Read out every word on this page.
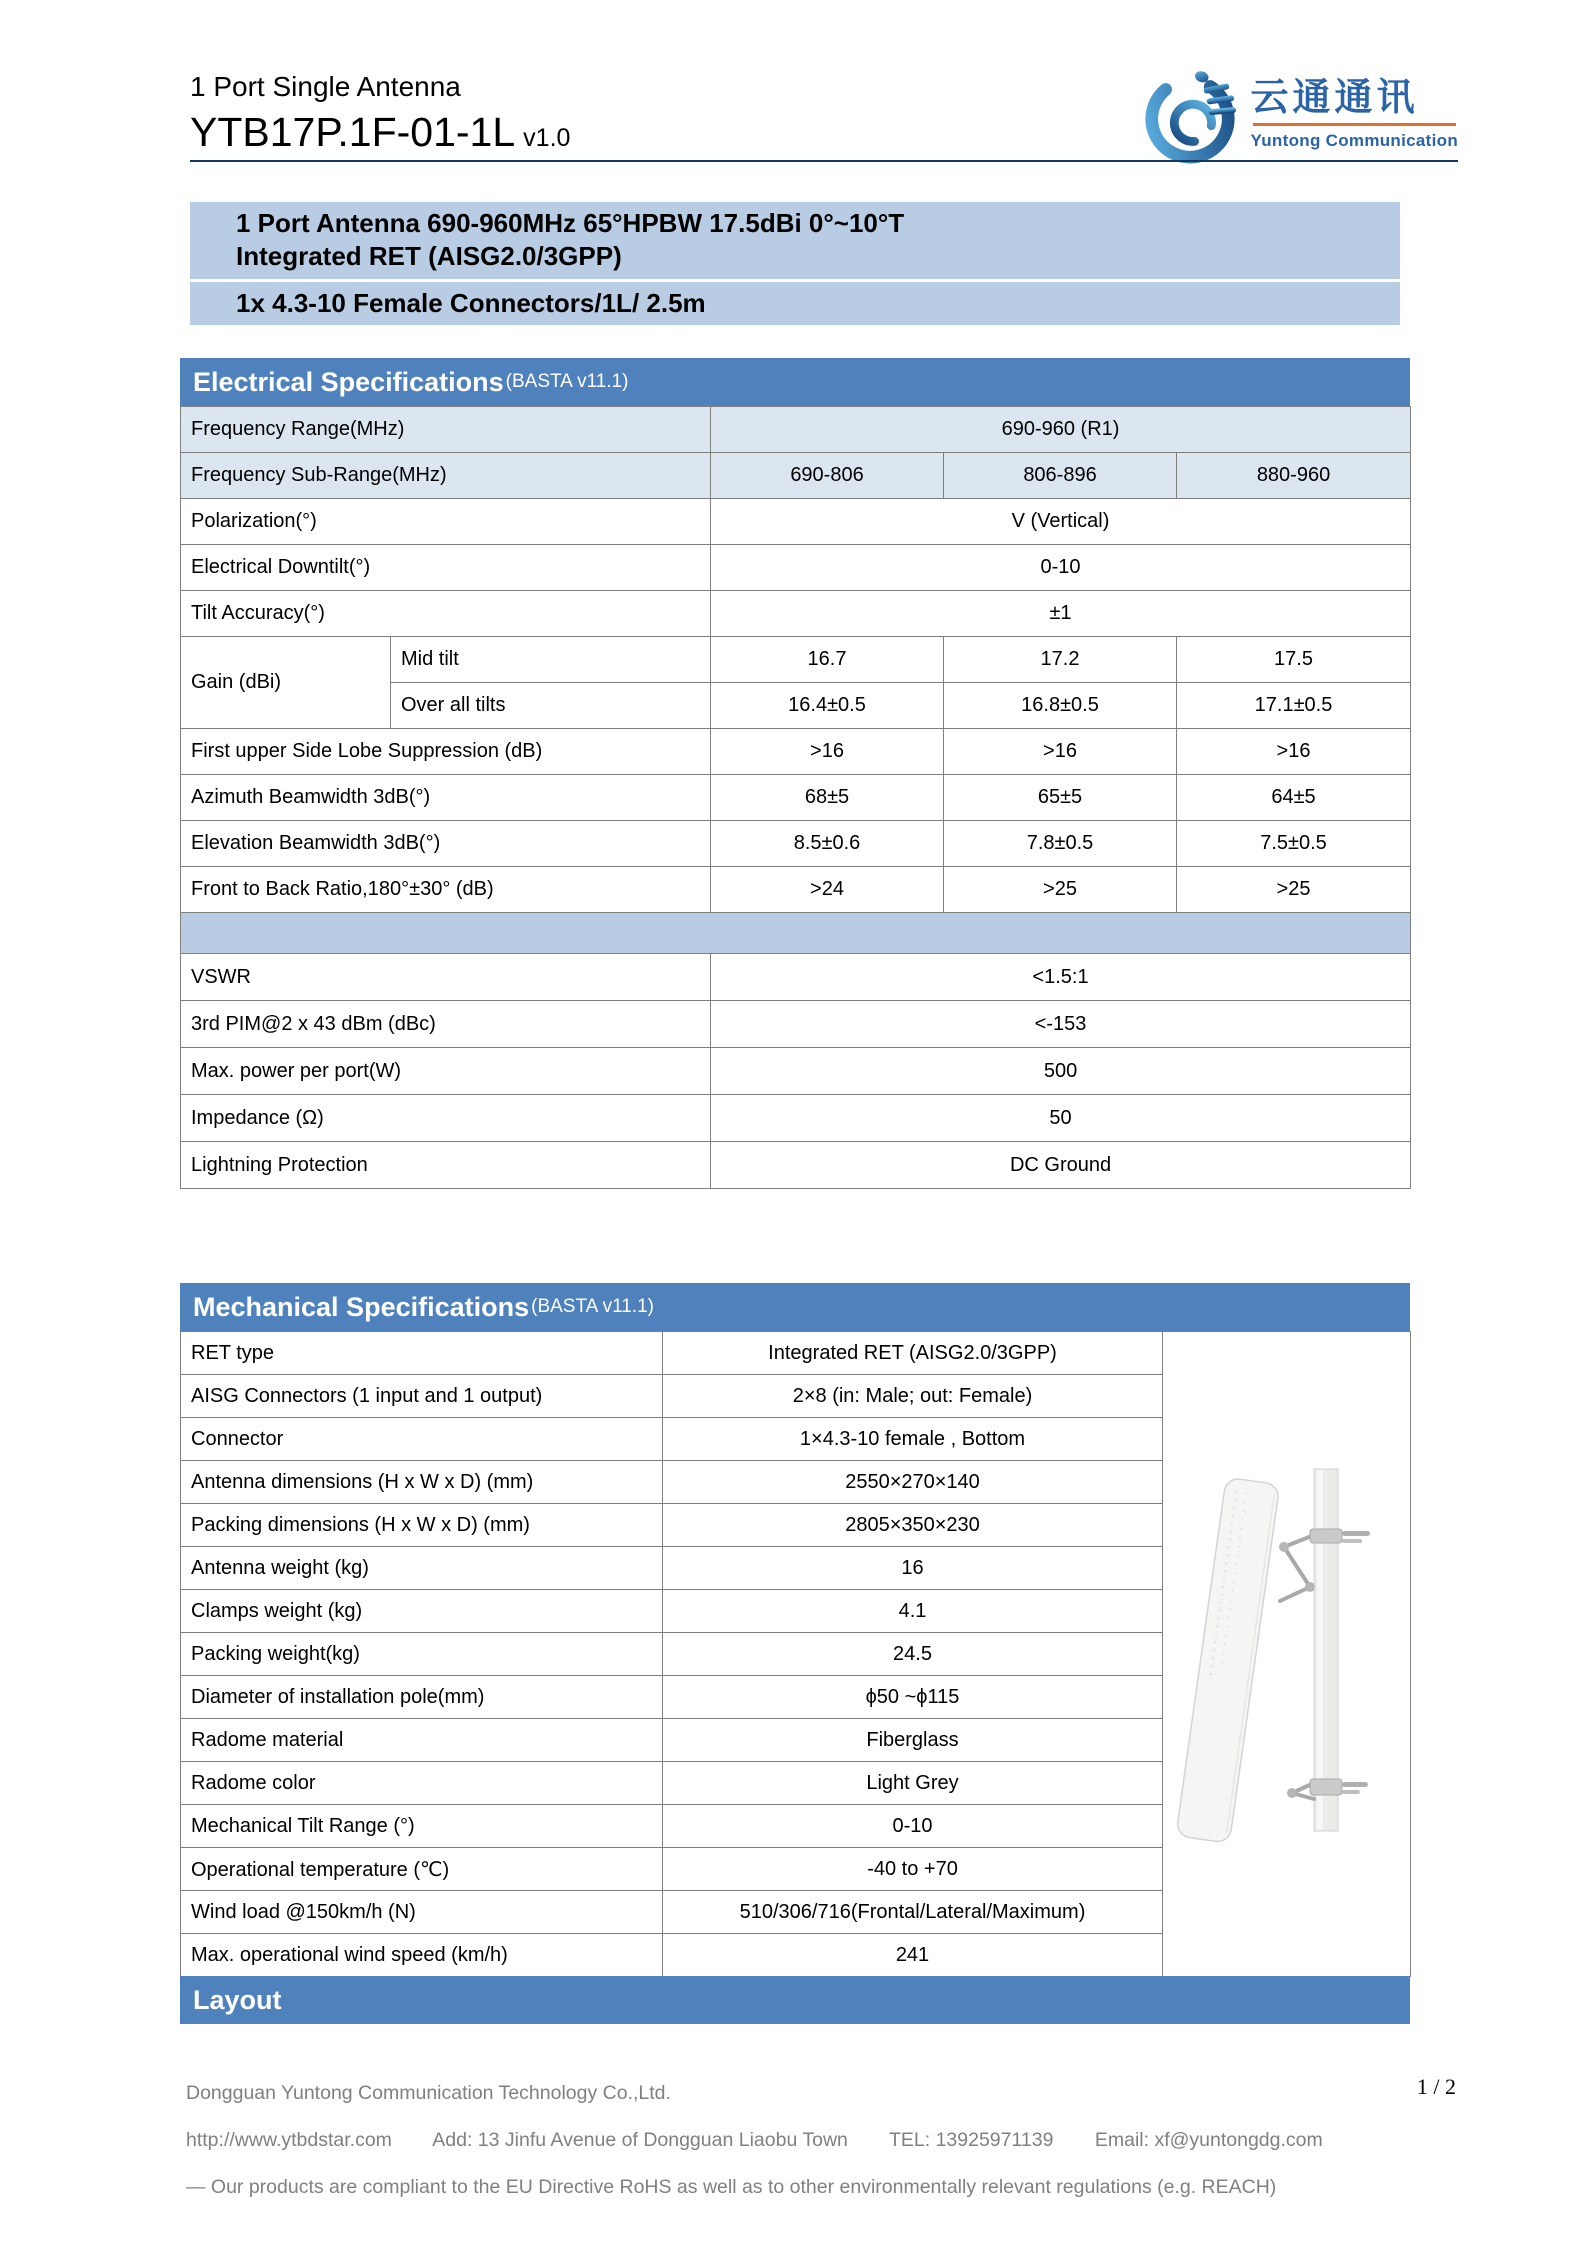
1 Port Single Antenna
YTB17P.1F-01-1L v1.0
云通通讯
Yuntong Communication
1 Port Antenna 690-960MHz 65°HPBW 17.5dBi 0°~10°T
Integrated RET (AISG2.0/3GPP)
1x 4.3-10 Female Connectors/1L/ 2.5m
Electrical Specifications (BASTA v11.1)
Frequency Range(MHz)		690-960 (R1)		
Frequency Sub-Range(MHz)		690-806	806-896	880-960
Polarization(°)		V (Vertical)		
Electrical Downtilt(°)		0-10		
Tilt Accuracy(°)		±1		
Gain (dBi)	Mid tilt	16.7	17.2	17.5
	Over all tilts	16.4±0.5	16.8±0.5	17.1±0.5
First upper Side Lobe Suppression (dB)		>16	>16	>16
Azimuth Beamwidth 3dB(°)		68±5	65±5	64±5
Elevation Beamwidth 3dB(°)		8.5±0.6	7.8±0.5	7.5±0.5
Front to Back Ratio,180°±30° (dB)		>24	>25	>25

VSWR		<1.5:1		
3rd PIM@2 x 43 dBm (dBc)		<-153		
Max. power per port(W)		500		
Impedance (Ω)		50		
Lightning Protection		DC Ground		
Mechanical Specifications (BASTA v11.1)
RET type	Integrated RET (AISG2.0/3GPP)	
AISG Connectors (1 input and 1 output)	2×8 (in: Male; out: Female)	
Connector	1×4.3-10 female , Bottom	
Antenna dimensions (H x W x D) (mm)	2550×270×140	
Packing dimensions (H x W x D) (mm)	2805×350×230	
Antenna weight (kg)	16	
Clamps weight (kg)	4.1	
Packing weight(kg)	24.5	
Diameter of installation pole(mm)	ϕ50 ~ϕ115	
Radome material	Fiberglass	
Radome color	Light Grey	
Mechanical Tilt Range (°)	0-10	
Operational temperature (℃)	-40 to +70	
Wind load @150km/h (N)	510/306/716(Frontal/Lateral/Maximum)	
Max. operational wind speed (km/h)	241	
Layout
Dongguan Yuntong Communication Technology Co.,Ltd.
http://www.ytbdstar.com Add: 13 Jinfu Avenue of Dongguan Liaobu Town TEL: 13925971139 Email: xf@yuntongdg.com
— Our products are compliant to the EU Directive RoHS as well as to other environmentally relevant regulations (e.g. REACH)
1 / 2
